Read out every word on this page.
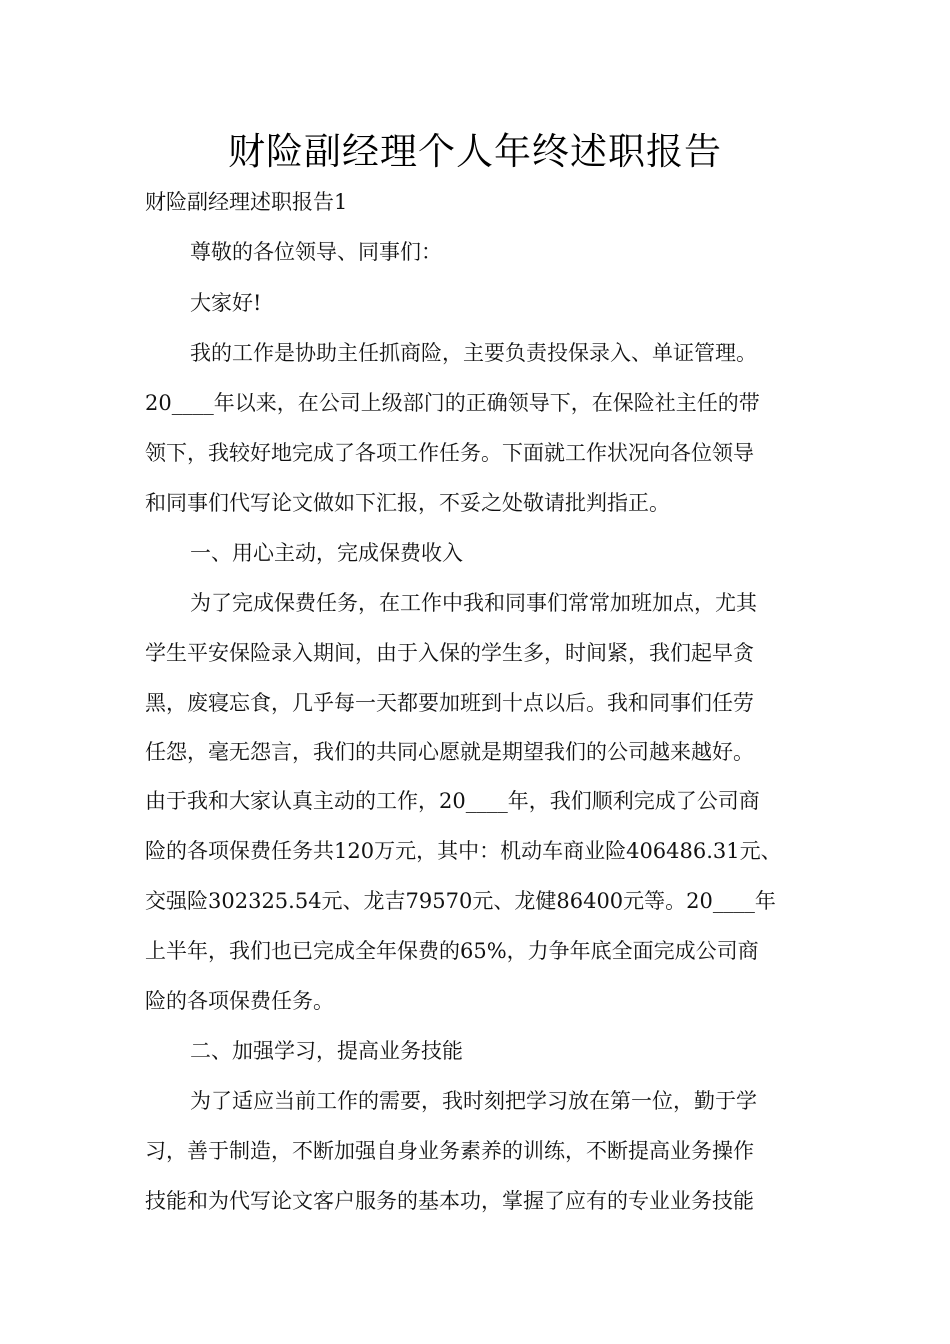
财险副经理个人年终述职报告
财险副经理述职报告1
尊敬的各位领导、同事们：
大家好!
我的工作是协助主任抓商险，主要负责投保录入、单证管理。
20____年以来，在公司上级部门的正确领导下，在保险社主任的带
领下，我较好地完成了各项工作任务。下面就工作状况向各位领导
和同事们代写论文做如下汇报，不妥之处敬请批判指正。
一、用心主动，完成保费收入
为了完成保费任务，在工作中我和同事们常常加班加点，尤其
学生平安保险录入期间，由于入保的学生多，时间紧，我们起早贪
黑，废寝忘食，几乎每一天都要加班到十点以后。我和同事们任劳
任怨，毫无怨言，我们的共同心愿就是期望我们的公司越来越好。
由于我和大家认真主动的工作，20____年，我们顺利完成了公司商
险的各项保费任务共120万元，其中：机动车商业险406486.31元、
交强险302325.54元、龙吉79570元、龙健86400元等。20____年
上半年，我们也已完成全年保费的65%，力争年底全面完成公司商
险的各项保费任务。
二、加强学习，提高业务技能
为了适应当前工作的需要，我时刻把学习放在第一位，勤于学
习，善于制造，不断加强自身业务素养的训练，不断提高业务操作
技能和为代写论文客户服务的基本功，掌握了应有的专业业务技能
